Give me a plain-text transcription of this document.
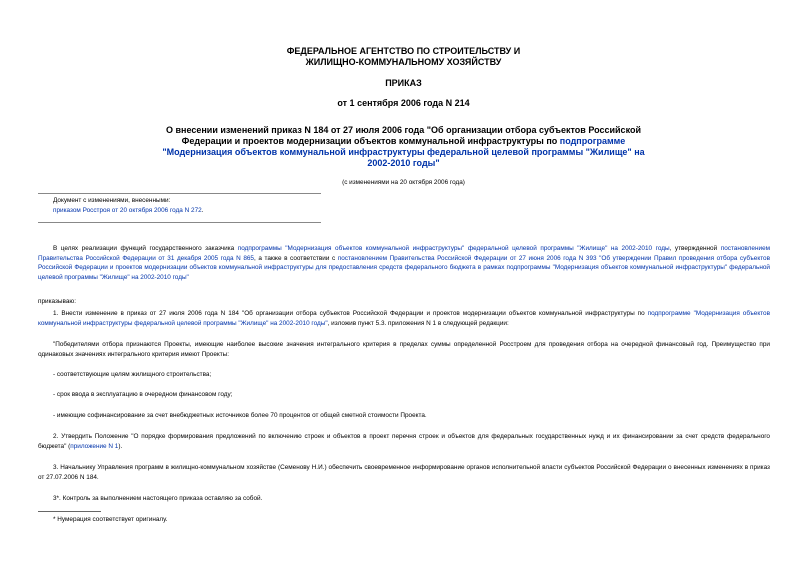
ФЕДЕРАЛЬНОЕ АГЕНТСТВО ПО СТРОИТЕЛЬСТВУ И
ЖИЛИЩНО-КОММУНАЛЬНОМУ ХОЗЯЙСТВУ
ПРИКАЗ
от 1 сентября 2006 года N 214
О внесении изменений приказ N 184 от 27 июля 2006 года "Об организации отбора субъектов Российской Федерации и проектов модернизации объектов коммунальной инфраструктуры по подпрограмме "Модернизация объектов коммунальной инфраструктуры федеральной целевой программы "Жилище" на 2002-2010 годы"
(с изменениями на 20 октября 2006 года)
Документ с изменениями, внесенными:
приказом Росстроя от 20 октября 2006 года N 272.
В целях реализации функций государственного заказчика подпрограммы "Модернизация объектов коммунальной инфраструктуры" федеральной целевой программы "Жилище" на 2002-2010 годы, утвержденной постановлением Правительства Российской Федерации от 31 декабря 2005 года N 865, а также в соответствии с постановлением Правительства Российской Федерации от 27 июня 2006 года N 393 "Об утверждении Правил проведения отбора субъектов Российской Федерации и проектов модернизации объектов коммунальной инфраструктуры для предоставления средств федерального бюджета в рамках подпрограммы "Модернизация объектов коммунальной инфраструктуры" федеральной целевой программы "Жилище" на 2002-2010 годы"
приказываю:
1. Внести изменение в приказ от 27 июля 2006 года N 184 "Об организации отбора субъектов Российской Федерации и проектов модернизации объектов коммунальной инфраструктуры по подпрограмме "Модернизация объектов коммунальной инфраструктуры федеральной целевой программы "Жилище" на 2002-2010 годы", изложив пункт 5.3. приложения N 1 в следующей редакции:
"Победителями отбора признаются Проекты, имеющие наиболее высокие значения интегрального критерия в пределах суммы определенной Росстроем для проведения отбора на очередной финансовый год. Преимущество при одинаковых значениях интегрального критерия имеют Проекты:
- соответствующие целям жилищного строительства;
- срок ввода в эксплуатацию в очередном финансовом году;
- имеющие софинансирование за счет внебюджетных источников более 70 процентов от общей сметной стоимости Проекта.
2. Утвердить Положение "О порядке формирования предложений по включению строек и объектов в проект перечня строек и объектов для федеральных государственных нужд и их финансировании за счет средств федерального бюджета" (приложение N 1).
3. Начальнику Управления программ в жилищно-коммунальном хозяйстве (Семенову Н.И.) обеспечить своевременное информирование органов исполнительной власти субъектов Российской Федерации о внесенных изменениях в приказ от 27.07.2006 N 184.
3*. Контроль за выполнением настоящего приказа оставляю за собой.
* Нумерация соответствует оригиналу.
